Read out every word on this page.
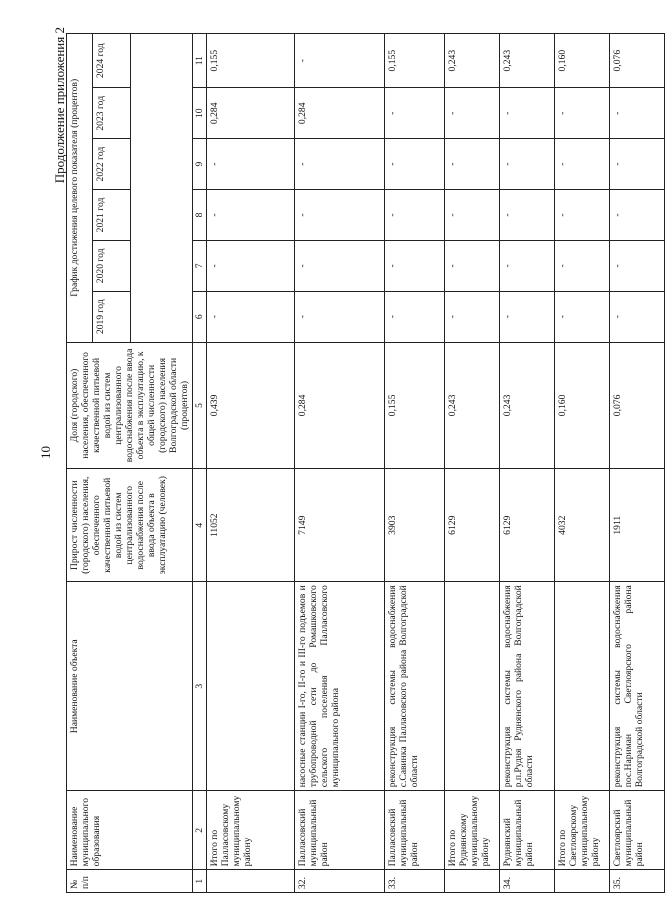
10
Продолжение приложения 2
№ п/п	Наименование муниципального образования	Наименование объекта	Прирост численности (городского) населения, обеспеченного качественной питьевой водой из систем централизованного водоснабжения после ввода объекта в эксплуатацию (человек)	Доля (городского) населения, обеспеченного качественной питьевой водой из систем централизованного водоснабжения после ввода объекта в эксплуатацию, к общей численности (городского) населения Волгоградской области (процентов)	График достижения целевого показателя (процентов)					
					2019 год	2020 год	2021 год	2022 год	2023 год	2024 год

1	2	3	4	5	6	7	8	9	10	11
	Итого по Палласовскому муниципальному району		11052	0,439	-	-	-	-	0,284	0,155
32.	Палласовский муниципальный район	насосные станции I-го, II-го и III-го подъемов и трубопроводной сети до Ромашковского сельского поселения Палласовского муниципального района	7149	0,284	-	-	-	-	0,284	-
33.	Палласовский муниципальный район	реконструкция системы водоснабжения с.Савинка Палласовского района Волгоградской области	3903	0,155	-	-	-	-	-	0,155
	Итого по Руднянскому муниципальному району		6129	0,243	-	-	-	-	-	0,243
34.	Руднянский муниципальный район	реконструкция системы водоснабжения р.п.Рудня Руднянского района Волгоградской области	6129	0,243	-	-	-	-	-	0,243
	Итого по Светлоярскому муниципальному району		4032	0,160	-	-	-	-	-	0,160
35.	Светлоярский муниципальный район	реконструкция системы водоснабжения пос.Нариман Светлоярского района Волгоградской области	1911	0,076	-	-	-	-	-	0,076
